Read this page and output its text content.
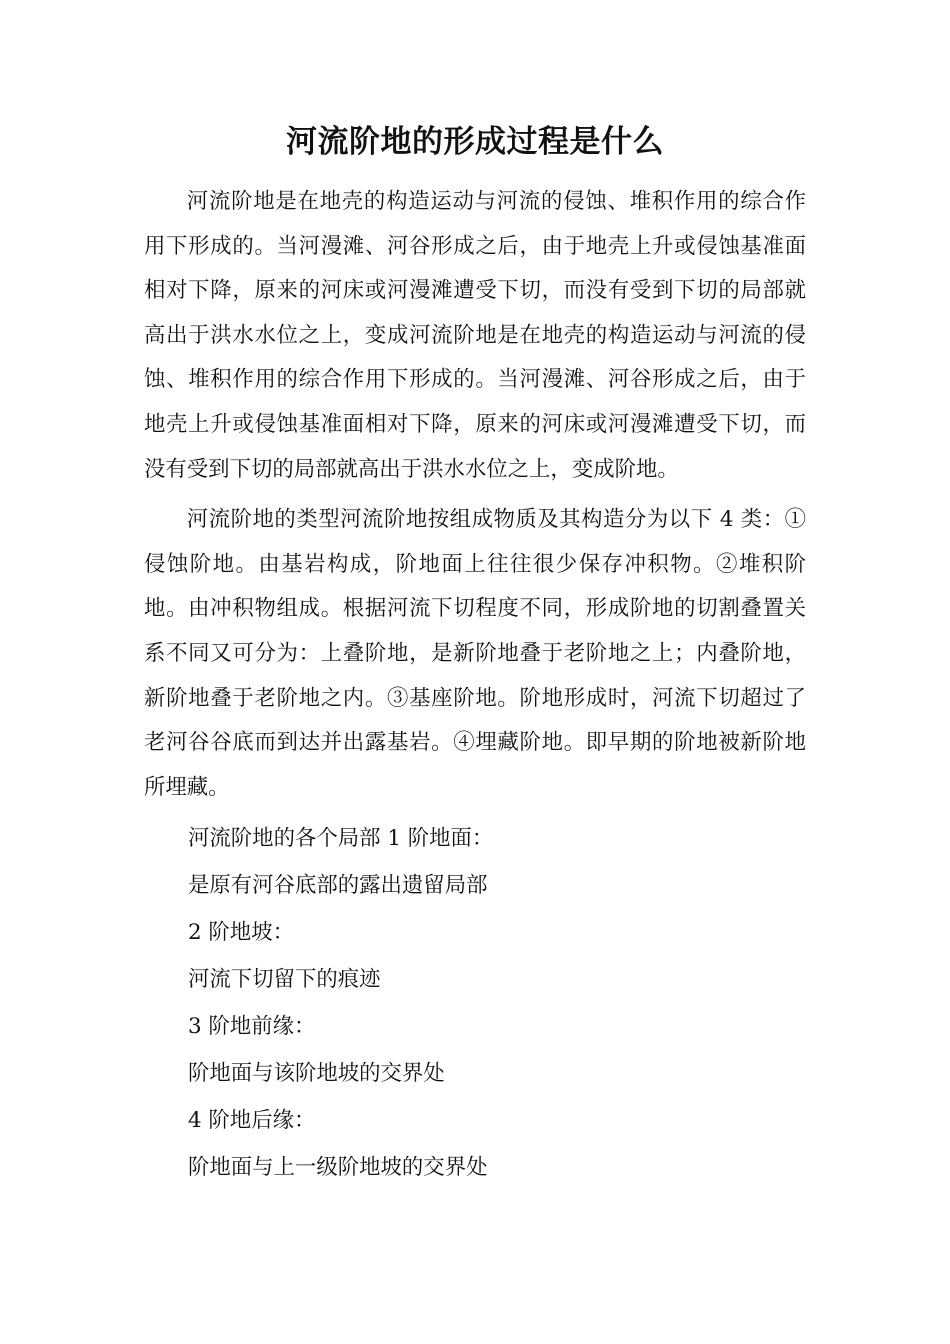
河流阶地的形成过程是什么

河流阶地是在地壳的构造运动与河流的侵蚀、堆积作用的综合作用下形成的。当河漫滩、河谷形成之后，由于地壳上升或侵蚀基准面相对下降，原来的河床或河漫滩遭受下切，而没有受到下切的局部就高出于洪水水位之上，变成河流阶地是在地壳的构造运动与河流的侵蚀、堆积作用的综合作用下形成的。当河漫滩、河谷形成之后，由于地壳上升或侵蚀基准面相对下降，原来的河床或河漫滩遭受下切，而没有受到下切的局部就高出于洪水水位之上，变成阶地。

河流阶地的类型河流阶地按组成物质及其构造分为以下 4 类：①侵蚀阶地。由基岩构成，阶地面上往往很少保存冲积物。②堆积阶地。由冲积物组成。根据河流下切程度不同，形成阶地的切割叠置关系不同又可分为：上叠阶地，是新阶地叠于老阶地之上；内叠阶地，新阶地叠于老阶地之内。③基座阶地。阶地形成时，河流下切超过了老河谷谷底而到达并出露基岩。④埋藏阶地。即早期的阶地被新阶地所埋藏。

河流阶地的各个局部 1 阶地面：

是原有河谷底部的露出遗留局部

2 阶地坡：

河流下切留下的痕迹

3 阶地前缘：

阶地面与该阶地坡的交界处

4 阶地后缘：

阶地面与上一级阶地坡的交界处
